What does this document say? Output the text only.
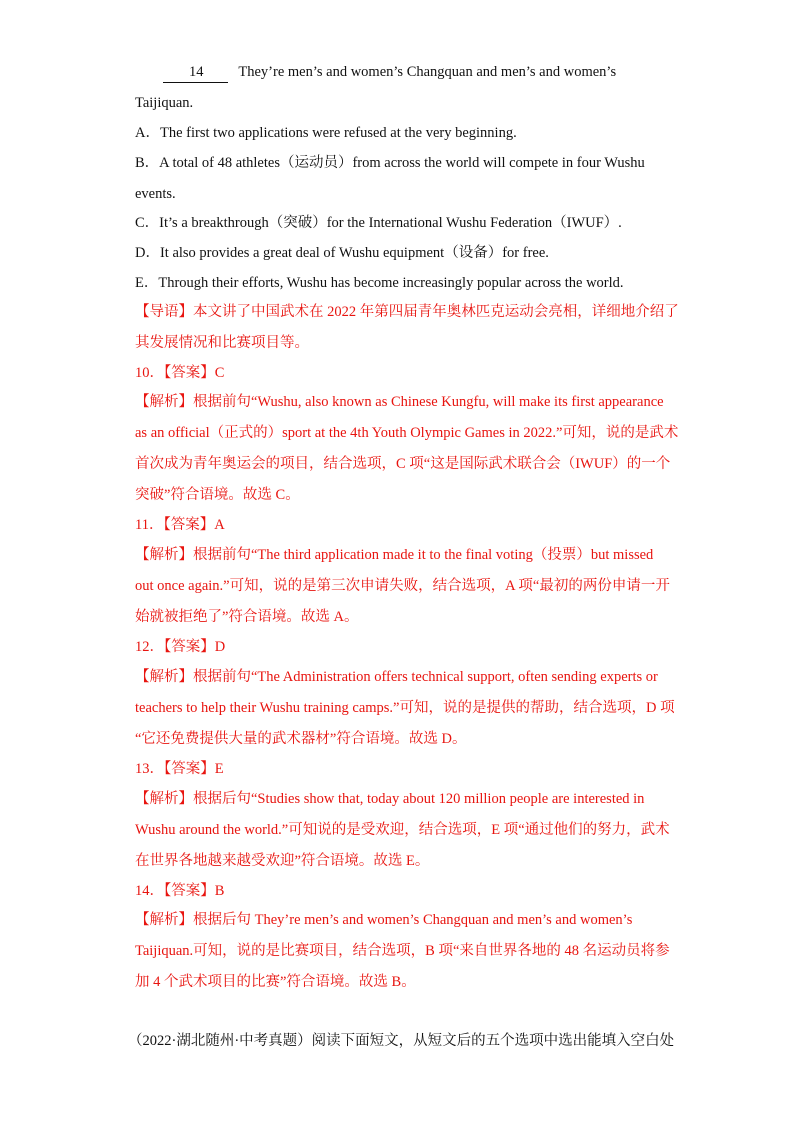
14 They’re men’s and women’s Changquan and men’s and women’s
Taijiquan.
A．The first two applications were refused at the very beginning.
B．A total of 48 athletes（运动员）from across the world will compete in four Wushu
events.
C．It’s a breakthrough（突破）for the International Wushu Federation（IWUF）.
D．It also provides a great deal of Wushu equipment（设备）for free.
E．Through their efforts, Wushu has become increasingly popular across the world.
【导语】本文讲了中国武术在 2022 年第四届青年奥林匹克运动会亮相，详细地介绍了
其发展情况和比赛项目等。
10．【答案】C
【解析】根据前句“Wushu, also known as Chinese Kungfu, will make its first appearance
as an official（正式的）sport at the 4th Youth Olympic Games in 2022.”可知，说的是武术
首次成为青年奥运会的项目，结合选项，C 项“这是国际武术联合会（IWUF）的一个
突破”符合语境。故选 C。
11．【答案】A
【解析】根据前句“The third application made it to the final voting（投票）but missed
out once again.”可知，说的是第三次申请失败，结合选项，A 项“最初的两份申请一开
始就被拒绝了”符合语境。故选 A。
12．【答案】D
【解析】根据前句“The Administration offers technical support, often sending experts or
teachers to help their Wushu training camps.”可知，说的是提供的帮助，结合选项，D 项
“它还免费提供大量的武术器材”符合语境。故选 D。
13．【答案】E
【解析】根据后句“Studies show that, today about 120 million people are interested in
Wushu around the world.”可知说的是受欢迎，结合选项，E 项“通过他们的努力，武术
在世界各地越来越受欢迎”符合语境。故选 E。
14．【答案】B
【解析】根据后句 They’re men’s and women’s Changquan and men’s and women’s
Taijiquan.可知，说的是比赛项目，结合选项，B 项“来自世界各地的 48 名运动员将参
加 4 个武术项目的比赛”符合语境。故选 B。
（2022·湖北随州·中考真题）阅读下面短文，从短文后的五个选项中选出能填入空白处
